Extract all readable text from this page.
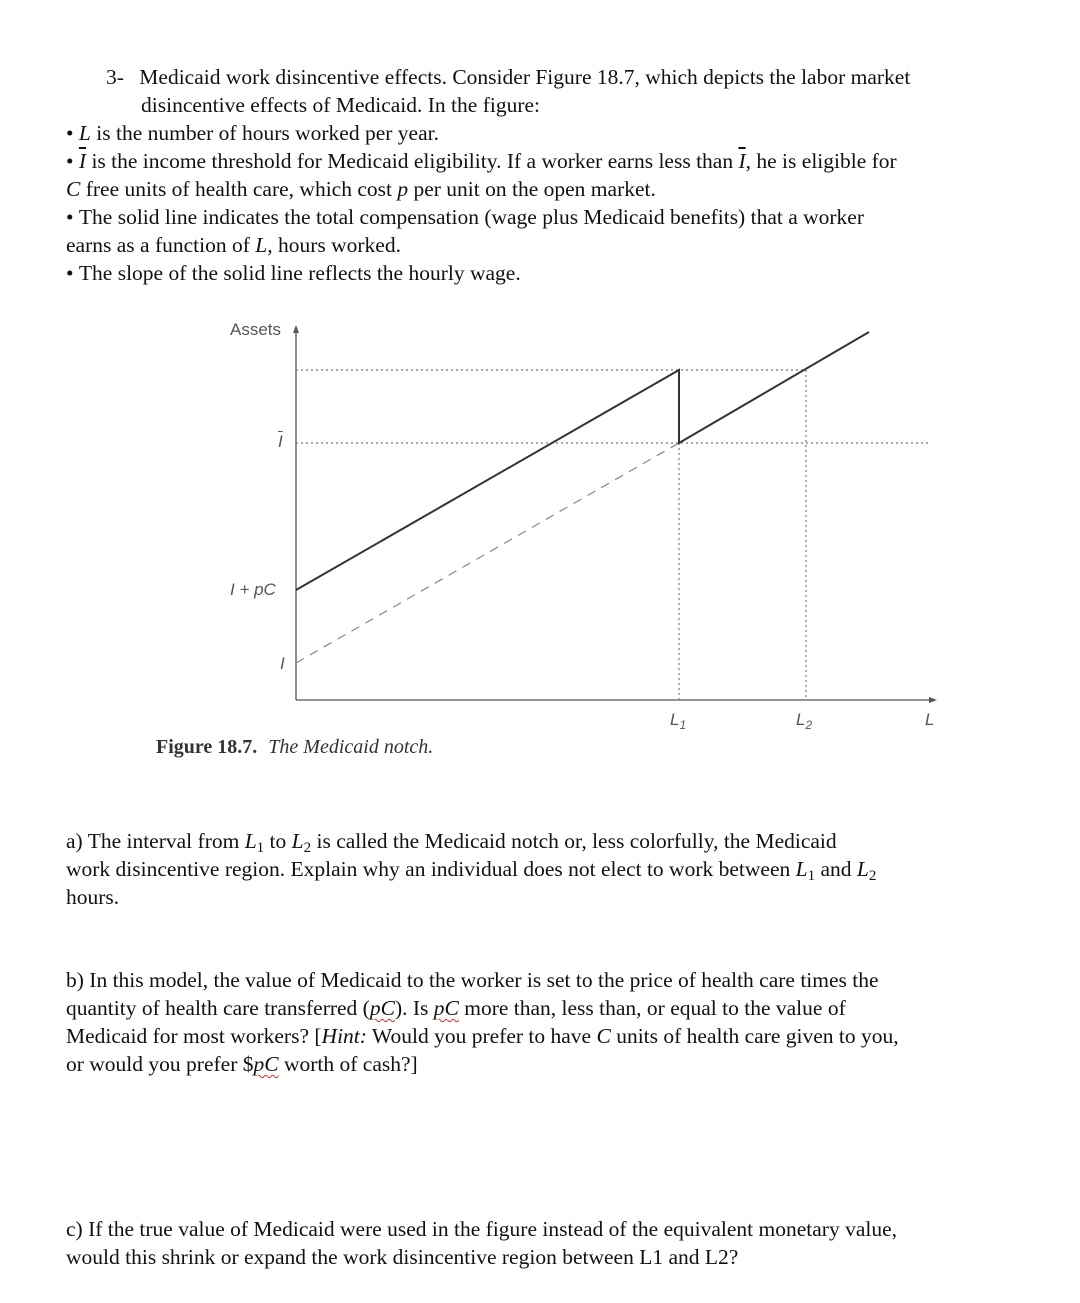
3- Medicaid work disincentive effects. Consider Figure 18.7, which depicts the labor market
disincentive effects of Medicaid. In the figure:
• L is the number of hours worked per year.
• $\overline{I}$ is the income threshold for Medicaid eligibility. If a worker earns less than $\overline{I}$, he is eligible for
C free units of health care, which cost p per unit on the open market.
• The solid line indicates the total compensation (wage plus Medicaid benefits) that a worker
earns as a function of L, hours worked.
• The slope of the solid line reflects the hourly wage.
Assets
$\overline{I}$
I + pC
I
$L_1$	$L_2$	L
Figure 18.7. The Medicaid notch.
a) The interval from $L_1$ to $L_2$ is called the Medicaid notch or, less colorfully, the Medicaid
work disincentive region. Explain why an individual does not elect to work between $L_1$ and $L_2$
hours.
b) In this model, the value of Medicaid to the worker is set to the price of health care times the
quantity of health care transferred (pC). Is pC more than, less than, or equal to the value of
Medicaid for most workers? [Hint: Would you prefer to have C units of health care given to you,
or would you prefer $pC worth of cash?]
c) If the true value of Medicaid were used in the figure instead of the equivalent monetary value,
would this shrink or expand the work disincentive region between L1 and L2?
